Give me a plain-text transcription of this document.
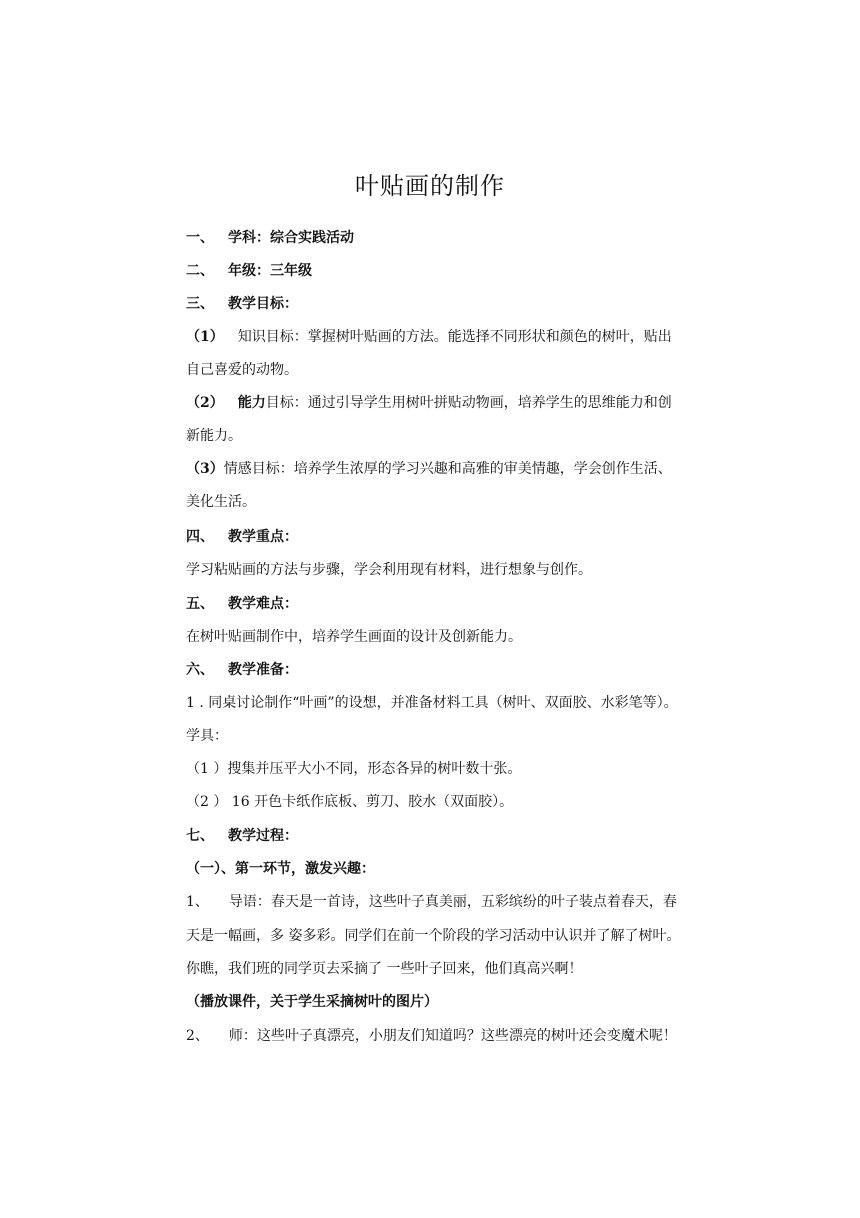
叶贴画的制作
一、 学科：综合实践活动
二、 年级：三年级
三、 教学目标：
（1） 知识目标：掌握树叶贴画的方法。能选择不同形状和颜色的树叶，贴出
自己喜爱的动物。
（2） 能力目标：通过引导学生用树叶拼贴动物画，培养学生的思维能力和创
新能力。
（3）情感目标：培养学生浓厚的学习兴趣和高雅的审美情趣，学会创作生活、
美化生活。
四、 教学重点：
学习粘贴画的方法与步骤，学会利用现有材料，进行想象与创作。
五、 教学难点：
在树叶贴画制作中，培养学生画面的设计及创新能力。
六、 教学准备：
1 . 同桌讨论制作“叶画”的设想，并准备材料工具（树叶、双面胶、水彩笔等）。
学具：
（1 ）搜集并压平大小不同，形态各异的树叶数十张。
（2 ） 16 开色卡纸作底板、剪刀、胶水（双面胶）。
七、 教学过程：
（一）、第一环节，激发兴趣：
1、 导语：春天是一首诗，这些叶子真美丽，五彩缤纷的叶子装点着春天，春
天是一幅画，多 姿多彩。同学们在前一个阶段的学习活动中认识并了解了树叶。
你瞧，我们班的同学页去采摘了 一些叶子回来，他们真高兴啊！
（播放课件，关于学生采摘树叶的图片）
2、 师：这些叶子真漂亮，小朋友们知道吗？这些漂亮的树叶还会变魔术呢！
